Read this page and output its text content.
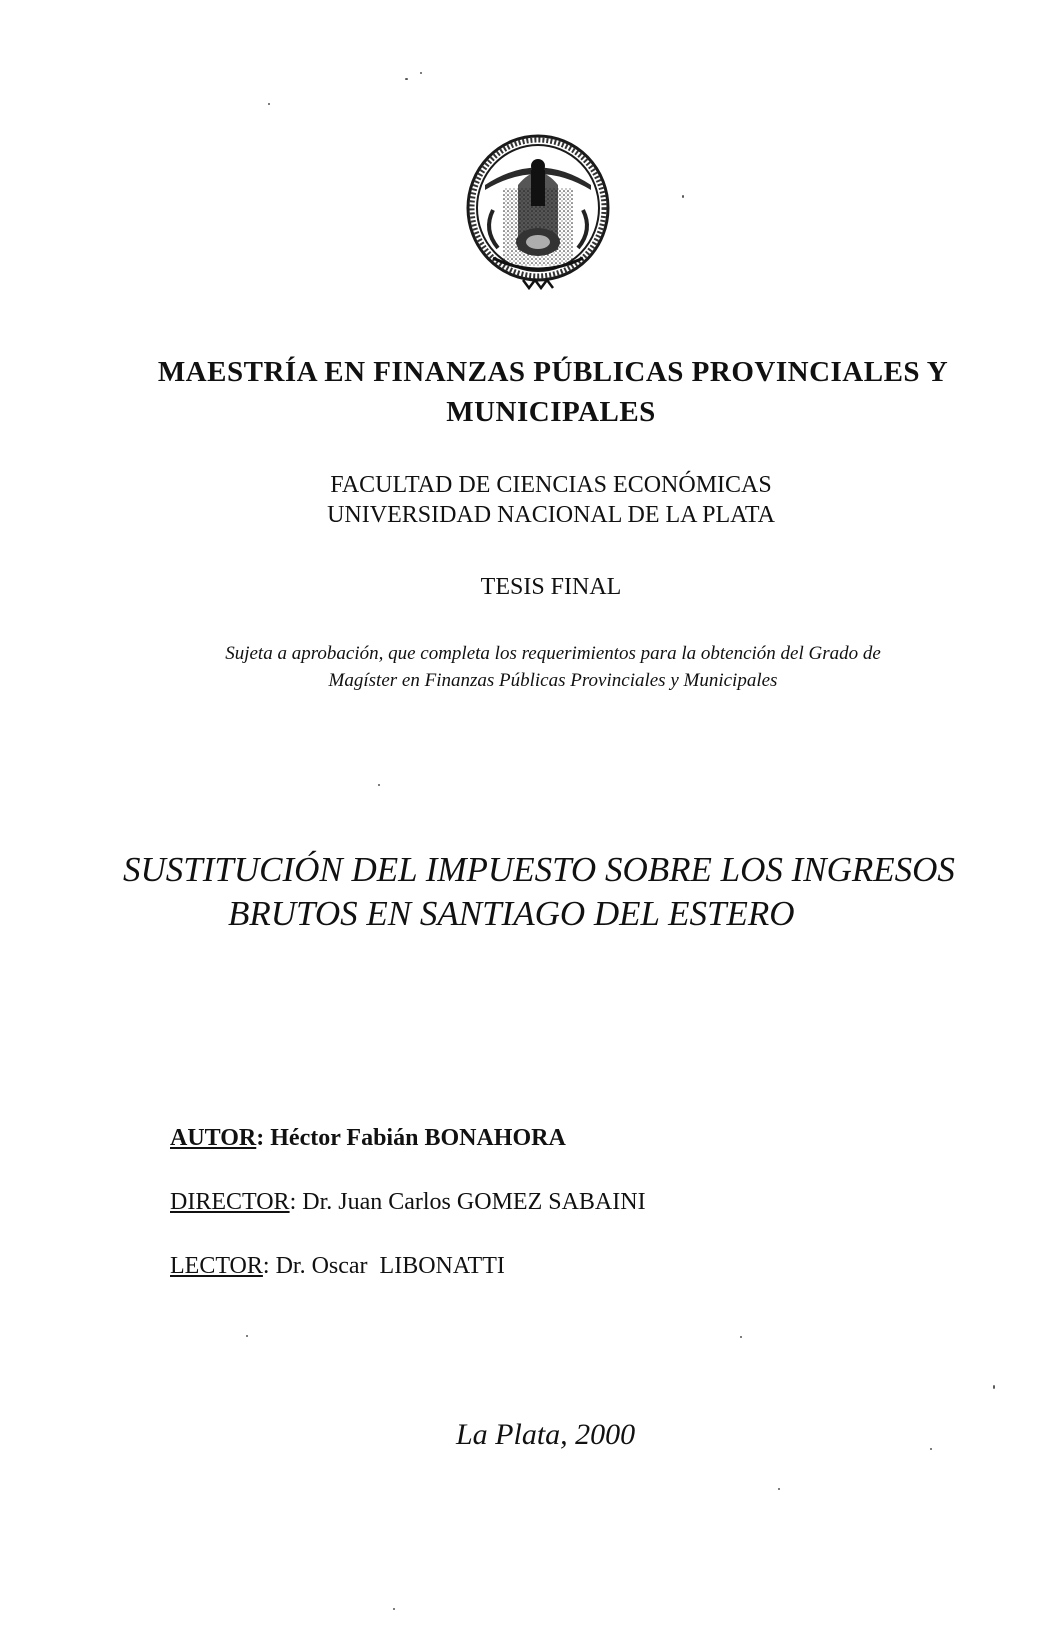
MAESTRÍA EN FINANZAS PÚBLICAS PROVINCIALES Y
MUNICIPALES
FACULTAD DE CIENCIAS ECONÓMICAS
UNIVERSIDAD NACIONAL DE LA PLATA
TESIS FINAL
Sujeta a aprobación, que completa los requerimientos para la obtención del Grado de
Magíster en Finanzas Públicas Provinciales y Municipales
SUSTITUCIÓN DEL IMPUESTO SOBRE LOS INGRESOS
BRUTOS EN SANTIAGO DEL ESTERO
AUTOR: Héctor Fabián BONAHORA
DIRECTOR: Dr. Juan Carlos GOMEZ SABAINI
LECTOR: Dr. Oscar  LIBONATTI
La Plata, 2000
